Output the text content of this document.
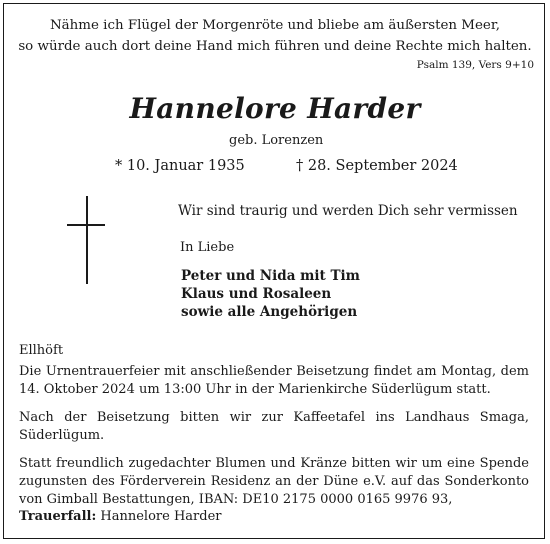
Nähme ich Flügel der Morgenröte und bliebe am äußersten Meer,
so würde auch dort deine Hand mich führen und deine Rechte mich halten.
Psalm 139, Vers 9+10
Hannelore Harder
geb. Lorenzen
* 10. Januar 1935	† 28. September 2024
Wir sind traurig und werden Dich sehr vermissen
In Liebe
Peter und Nida mit Tim
Klaus und Rosaleen
sowie alle Angehörigen
Ellhöft
Die Urnentrauerfeier mit anschließender Beisetzung findet am Montag, dem 14. Oktober 2024 um 13:00 Uhr in der Marienkirche Süderlügum statt.
Nach der Beisetzung bitten wir zur Kaffeetafel ins Landhaus Smaga, Süderlügum.
Statt freundlich zugedachter Blumen und Kränze bitten wir um eine Spende zugunsten des Förderverein Residenz an der Düne e.V. auf das Sonderkonto von Gimball Bestattungen, IBAN: DE10 2175 0000 0165 9976 93,
Trauerfall: Hannelore Harder
